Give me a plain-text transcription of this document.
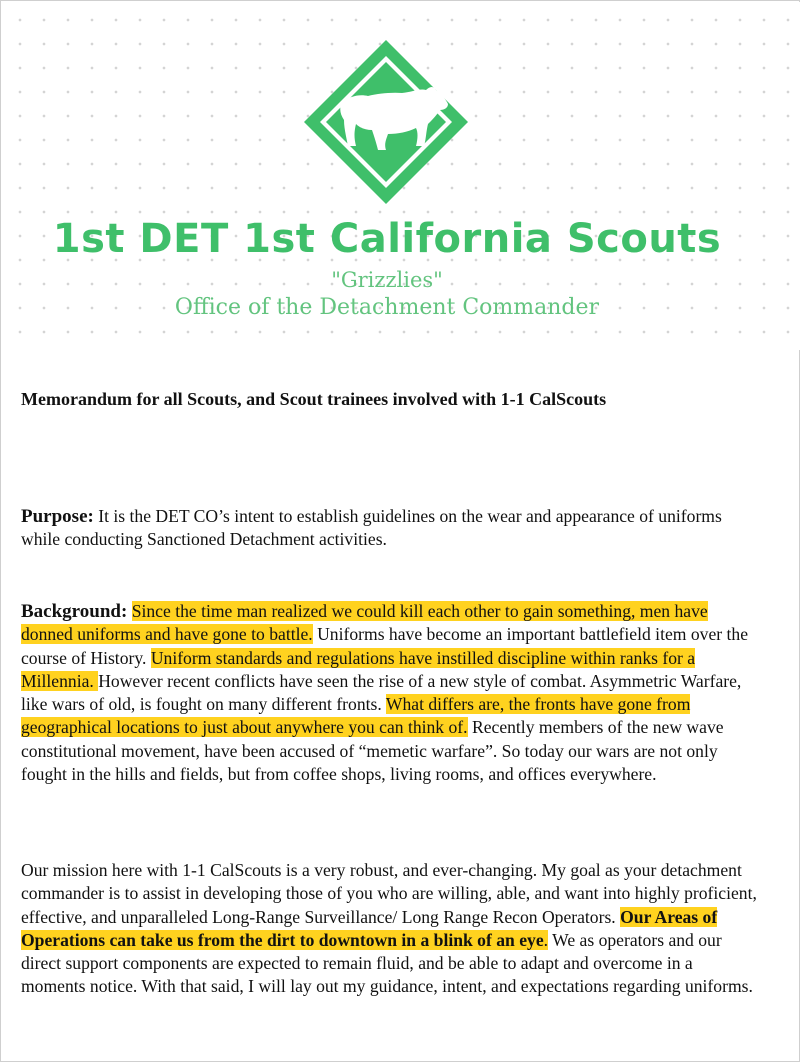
1st DET 1st California Scouts
"Grizzlies"
Office of the Detachment Commander
Memorandum for all Scouts, and Scout trainees involved with 1-1 CalScouts
Purpose: It is the DET CO’s intent to establish guidelines on the wear and appearance of uniforms while conducting Sanctioned Detachment activities.
Background: Since the time man realized we could kill each other to gain something, men have donned uniforms and have gone to battle. Uniforms have become an important battlefield item over the course of History. Uniform standards and regulations have instilled discipline within ranks for a Millennia. However recent conflicts have seen the rise of a new style of combat. Asymmetric Warfare, like wars of old, is fought on many different fronts. What differs are, the fronts have gone from geographical locations to just about anywhere you can think of. Recently members of the new wave constitutional movement, have been accused of “memetic warfare”. So today our wars are not only fought in the hills and fields, but from coffee shops, living rooms, and offices everywhere.
Our mission here with 1-1 CalScouts is a very robust, and ever-changing. My goal as your detachment commander is to assist in developing those of you who are willing, able, and want into highly proficient, effective, and unparalleled Long-Range Surveillance/ Long Range Recon Operators. Our Areas of Operations can take us from the dirt to downtown in a blink of an eye. We as operators and our direct support components are expected to remain fluid, and be able to adapt and overcome in a moments notice. With that said, I will lay out my guidance, intent, and expectations regarding uniforms.
